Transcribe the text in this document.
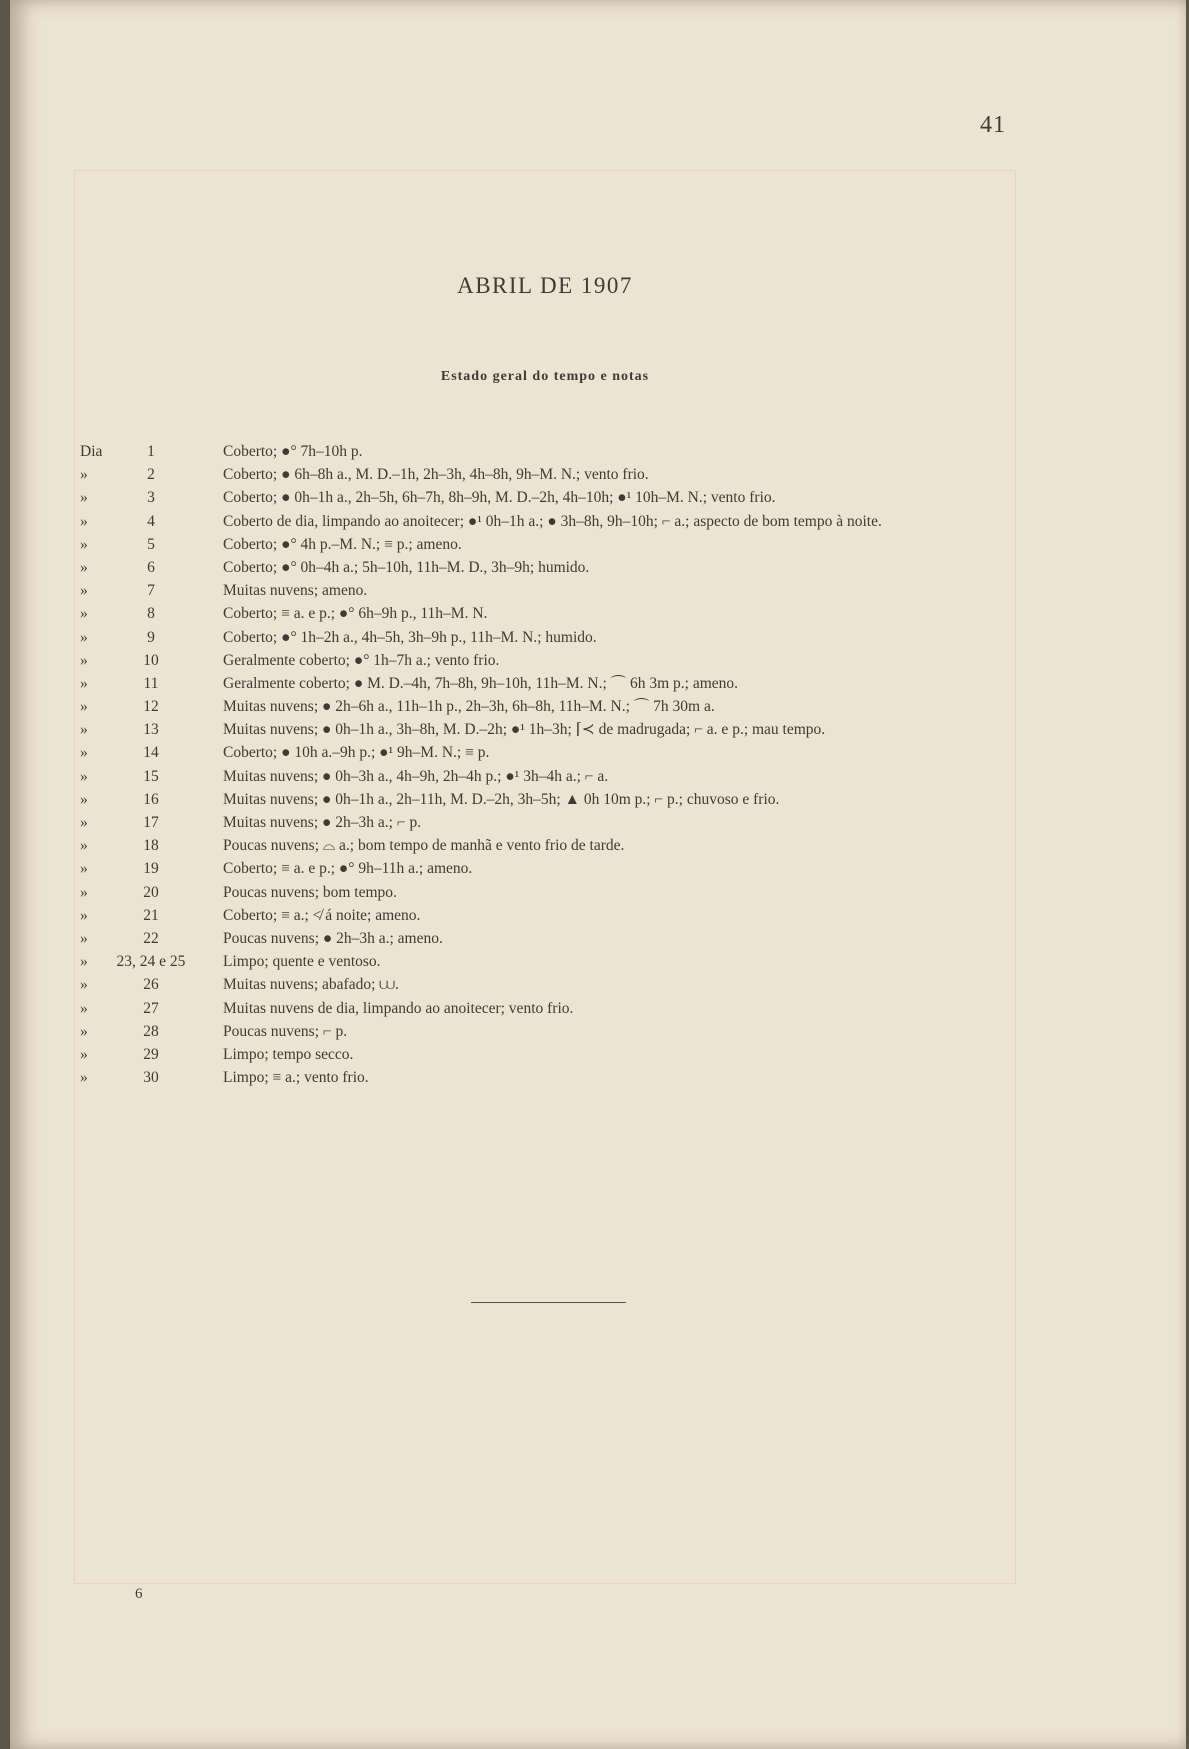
41
ABRIL DE 1907
Estado geral do tempo e notas
Dia	1	Coberto; ●° 7h–10h p.
»	2	Coberto; ● 6h–8h a., M. D.–1h, 2h–3h, 4h–8h, 9h–M. N.; vento frio.
»	3	Coberto; ● 0h–1h a., 2h–5h, 6h–7h, 8h–9h, M. D.–2h, 4h–10h; ●¹ 10h–M. N.; vento frio.
»	4	Coberto de dia, limpando ao anoitecer; ●¹ 0h–1h a.; ● 3h–8h, 9h–10h; ⌐ a.; aspecto de bom tempo à noite.
»	5	Coberto; ●° 4h p.–M. N.; ≡ p.; ameno.
»	6	Coberto; ●° 0h–4h a.; 5h–10h, 11h–M. D., 3h–9h; humido.
»	7	Muitas nuvens; ameno.
»	8	Coberto; ≡ a. e p.; ●° 6h–9h p., 11h–M. N.
»	9	Coberto; ●° 1h–2h a., 4h–5h, 3h–9h p., 11h–M. N.; humido.
»	10	Geralmente coberto; ●° 1h–7h a.; vento frio.
»	11	Geralmente coberto; ● M. D.–4h, 7h–8h, 9h–10h, 11h–M. N.; ⌒ 6h 3m p.; ameno.
»	12	Muitas nuvens; ● 2h–6h a., 11h–1h p., 2h–3h, 6h–8h, 11h–M. N.; ⌒ 7h 30m a.
»	13	Muitas nuvens; ● 0h–1h a., 3h–8h, M. D.–2h; ●¹ 1h–3h; ⌈≺ de madrugada; ⌐ a. e p.; mau tempo.
»	14	Coberto; ● 10h a.–9h p.; ●¹ 9h–M. N.; ≡ p.
»	15	Muitas nuvens; ● 0h–3h a., 4h–9h, 2h–4h p.; ●¹ 3h–4h a.; ⌐ a.
»	16	Muitas nuvens; ● 0h–1h a., 2h–11h, M. D.–2h, 3h–5h; ▲ 0h 10m p.; ⌐ p.; chuvoso e frio.
»	17	Muitas nuvens; ● 2h–3h a.; ⌐ p.
»	18	Poucas nuvens; ⌓ a.; bom tempo de manhã e vento frio de tarde.
»	19	Coberto; ≡ a. e p.; ●° 9h–11h a.; ameno.
»	20	Poucas nuvens; bom tempo.
»	21	Coberto; ≡ a.; ≮ á noite; ameno.
»	22	Poucas nuvens; ● 2h–3h a.; ameno.
»	23, 24 e 25	Limpo; quente e ventoso.
»	26	Muitas nuvens; abafado; ⩊.
»	27	Muitas nuvens de dia, limpando ao anoitecer; vento frio.
»	28	Poucas nuvens; ⌐ p.
»	29	Limpo; tempo secco.
»	30	Limpo; ≡ a.; vento frio.
6
